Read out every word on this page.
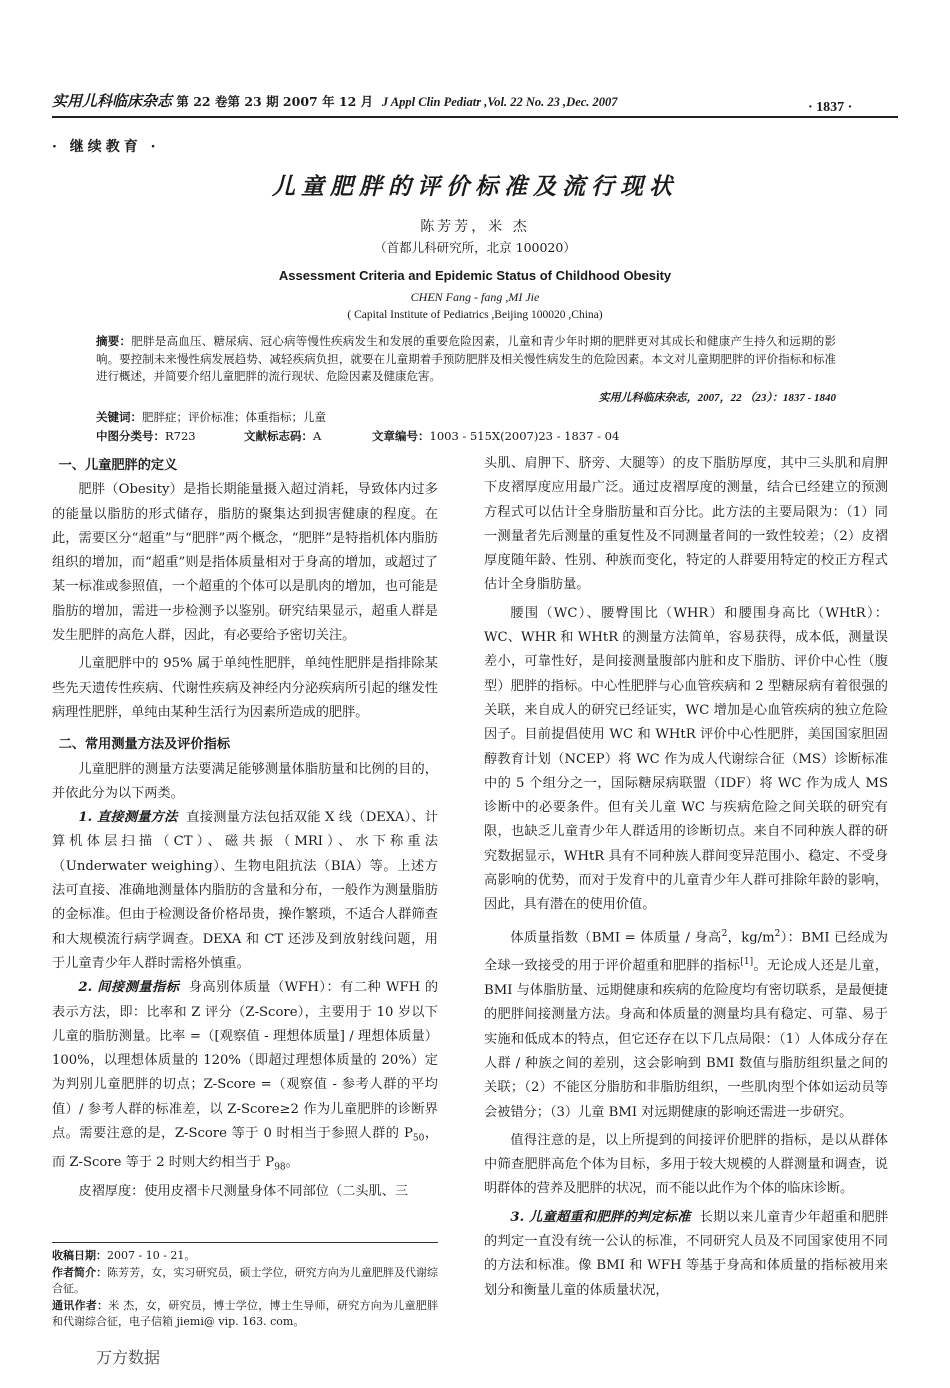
实用儿科临床杂志 第 22 卷第 23 期 2007 年 12 月 J Appl Clin Pediatr ,Vol. 22 No. 23 ,Dec. 2007	· 1837 ·
· 继续教育 ·
儿童肥胖的评价标准及流行现状
陈芳芳，米 杰
（首都儿科研究所，北京 100020）
Assessment Criteria and Epidemic Status of Childhood Obesity
CHEN Fang - fang ,MI Jie
( Capital Institute of Pediatrics ,Beijing 100020 ,China)
摘要：肥胖是高血压、糖尿病、冠心病等慢性疾病发生和发展的重要危险因素，儿童和青少年时期的肥胖更对其成长和健康产生持久和远期的影响。要控制未来慢性病发展趋势、减轻疾病负担，就要在儿童期着手预防肥胖及相关慢性病发生的危险因素。本文对儿童期肥胖的评价指标和标准进行概述，并简要介绍儿童肥胖的流行现状、危险因素及健康危害。
实用儿科临床杂志，2007，22 （23）：1837 - 1840
关键词：肥胖症；评价标准；体重指标；儿童
中图分类号：R723	文献标志码：A	文章编号：1003 - 515X(2007)23 - 1837 - 04

一、儿童肥胖的定义

肥胖（Obesity）是指长期能量摄入超过消耗，导致体内过多的能量以脂肪的形式储存，脂肪的聚集达到损害健康的程度。在此，需要区分“超重”与“肥胖”两个概念，“肥胖”是特指机体内脂肪组织的增加，而“超重”则是指体质量相对于身高的增加，或超过了某一标准或参照值，一个超重的个体可以是肌肉的增加，也可能是脂肪的增加，需进一步检测予以鉴别。研究结果显示，超重人群是发生肥胖的高危人群，因此，有必要给予密切关注。

儿童肥胖中的 95% 属于单纯性肥胖，单纯性肥胖是指排除某些先天遗传性疾病、代谢性疾病及神经内分泌疾病所引起的继发性病理性肥胖，单纯由某种生活行为因素所造成的肥胖。

二、常用测量方法及评价指标

儿童肥胖的测量方法要满足能够测量体脂肪量和比例的目的，并依此分为以下两类。

1. 直接测量方法 直接测量方法包括双能 X 线（DEXA）、计算机体层扫描（CT）、磁共振（MRI）、水下称重法（Underwater weighing）、生物电阻抗法（BIA）等。上述方法可直接、准确地测量体内脂肪的含量和分布，一般作为测量脂肪的金标准。但由于检测设备价格昂贵，操作繁琐，不适合人群筛查和大规模流行病学调查。DEXA 和 CT 还涉及到放射线问题，用于儿童青少年人群时需格外慎重。

2. 间接测量指标 身高别体质量（WFH）：有二种 WFH 的表示方法，即：比率和 Z 评分（Z-Score），主要用于 10 岁以下儿童的脂肪测量。比率 =（[观察值 - 理想体质量] / 理想体质量）100%，以理想体质量的 120%（即超过理想体质量的 20%）定为判别儿童肥胖的切点；Z-Score =（观察值 - 参考人群的平均值）/ 参考人群的标准差，以 Z-Score≥2 作为儿童肥胖的诊断界点。需要注意的是，Z-Score 等于 0 时相当于参照人群的 $P_{50}$，而 Z-Score 等于 2 时则大约相当于 $P_{98}$。

皮褶厚度：使用皮褶卡尺测量身体不同部位（二头肌、三

头肌、肩胛下、脐旁、大腿等）的皮下脂肪厚度，其中三头肌和肩胛下皮褶厚度应用最广泛。通过皮褶厚度的测量，结合已经建立的预测方程式可以估计全身脂肪量和百分比。此方法的主要局限为：（1）同一测量者先后测量的重复性及不同测量者间的一致性较差；（2）皮褶厚度随年龄、性别、种族而变化，特定的人群要用特定的校正方程式估计全身脂肪量。

腰围（WC）、腰臀围比（WHR）和腰围身高比（WHtR）：WC、WHR 和 WHtR 的测量方法简单，容易获得，成本低，测量误差小，可靠性好，是间接测量腹部内脏和皮下脂肪、评价中心性（腹型）肥胖的指标。中心性肥胖与心血管疾病和 2 型糖尿病有着很强的关联，来自成人的研究已经证实，WC 增加是心血管疾病的独立危险因子。目前提倡使用 WC 和 WHtR 评价中心性肥胖，美国国家胆固醇教育计划（NCEP）将 WC 作为成人代谢综合征（MS）诊断标准中的 5 个组分之一，国际糖尿病联盟（IDF）将 WC 作为成人 MS 诊断中的必要条件。但有关儿童 WC 与疾病危险之间关联的研究有限，也缺乏儿童青少年人群适用的诊断切点。来自不同种族人群的研究数据显示，WHtR 具有不同种族人群间变异范围小、稳定、不受身高影响的优势，而对于发育中的儿童青少年人群可排除年龄的影响，因此，具有潜在的使用价值。

体质量指数（BMI = 体质量 / 身高$^2$，$kg/m^2$）：BMI 已经成为全球一致接受的用于评价超重和肥胖的指标[1]。无论成人还是儿童，BMI 与体脂肪量、远期健康和疾病的危险度均有密切联系，是最便捷的肥胖间接测量方法。身高和体质量的测量均具有稳定、可靠、易于实施和低成本的特点，但它还存在以下几点局限：（1）人体成分存在人群 / 种族之间的差别，这会影响到 BMI 数值与脂肪组织量之间的关联；（2）不能区分脂肪和非脂肪组织，一些肌肉型个体如运动员等会被错分；（3）儿童 BMI 对远期健康的影响还需进一步研究。

值得注意的是，以上所提到的间接评价肥胖的指标，是以从群体中筛查肥胖高危个体为目标，多用于较大规模的人群测量和调查，说明群体的营养及肥胖的状况，而不能以此作为个体的临床诊断。

3. 儿童超重和肥胖的判定标准 长期以来儿童青少年超重和肥胖的判定一直没有统一公认的标准，不同研究人员及不同国家使用不同的方法和标准。像 BMI 和 WFH 等基于身高和体质量的指标被用来划分和衡量儿童的体质量状况，

收稿日期：2007 - 10 - 21。

作者简介：陈芳芳，女，实习研究员，硕士学位，研究方向为儿童肥胖及代谢综合征。

通讯作者：米 杰，女，研究员，博士学位，博士生导师，研究方向为儿童肥胖和代谢综合征，电子信箱 jiemi@ vip. 163. com。

万方数据
